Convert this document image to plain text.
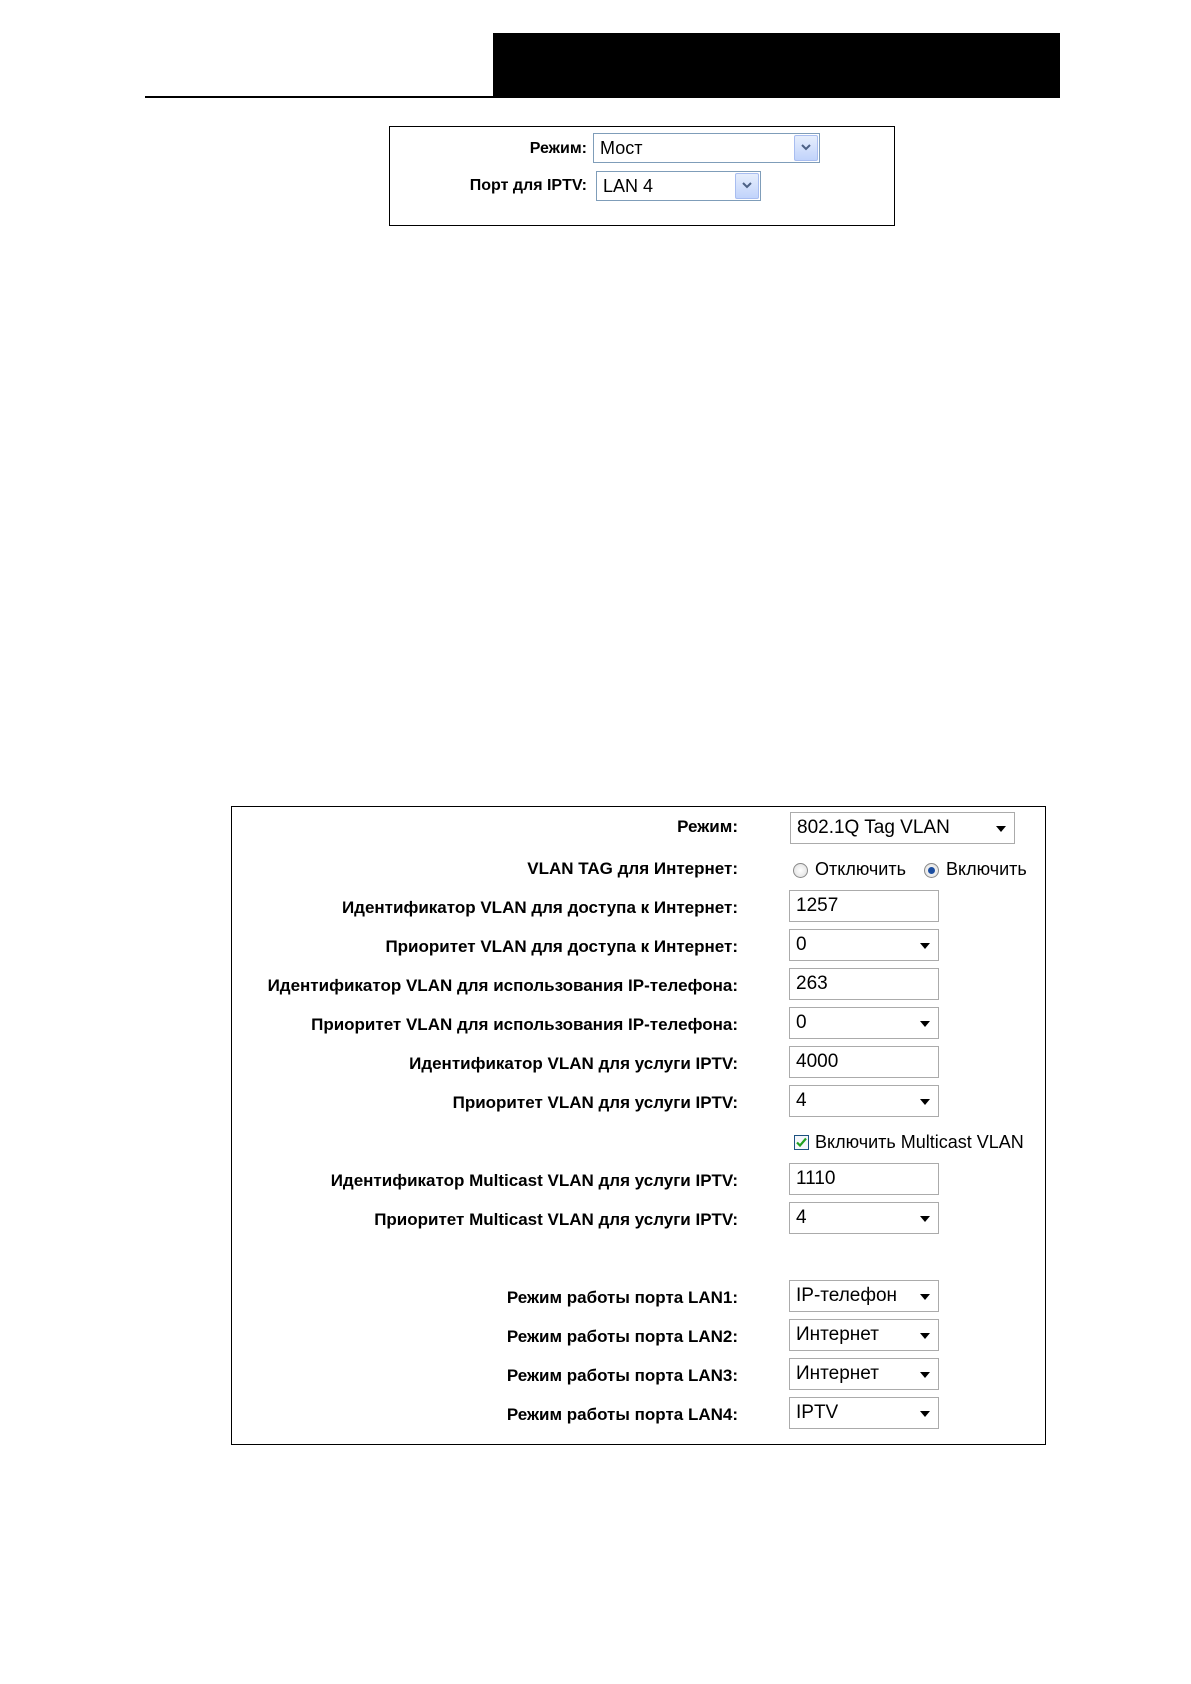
Режим: Мост
Порт для IPTV: LAN 4
Режим:	802.1Q Tag VLAN
VLAN TAG для Интернет:	Отключить Включить
Идентификатор VLAN для доступа к Интернет:	1257
Приоритет VLAN для доступа к Интернет:	0
Идентификатор VLAN для использования IP-телефона:	263
Приоритет VLAN для использования IP-телефона:	0
Идентификатор VLAN для услуги IPTV:	4000
Приоритет VLAN для услуги IPTV:	4
Включить Multicast VLAN
Идентификатор Multicast VLAN для услуги IPTV:	1110
Приоритет Multicast VLAN для услуги IPTV:	4
Режим работы порта LAN1:	IP-телефон
Режим работы порта LAN2:	Интернет
Режим работы порта LAN3:	Интернет
Режим работы порта LAN4:	IPTV
